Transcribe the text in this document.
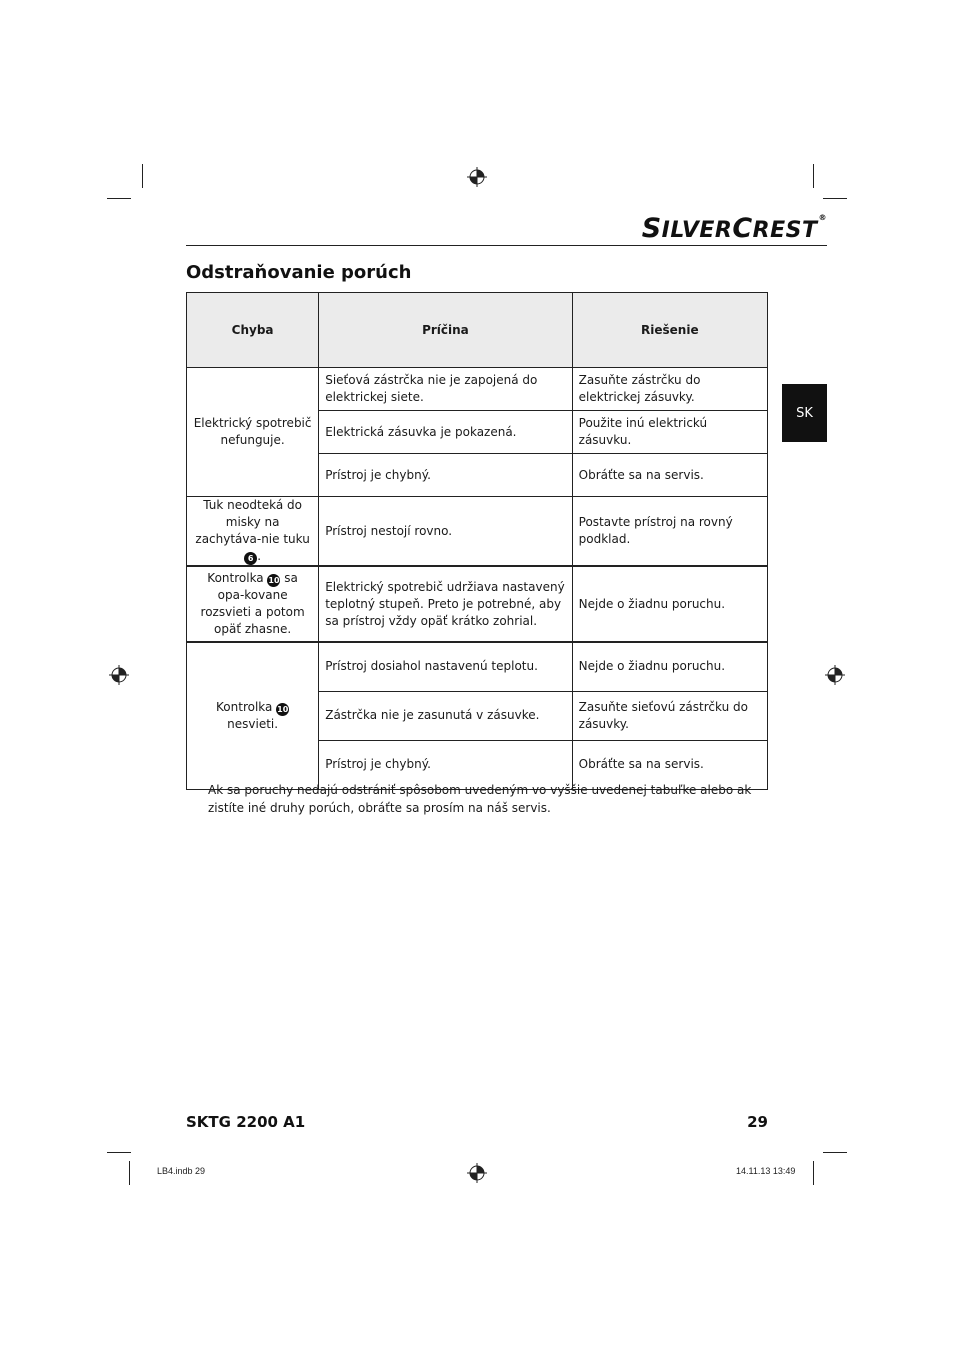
SILVERCREST®
Odstraňovanie porúch
SK
Chyba	Príčina	Riešenie
Elektrický spotrebič nefunguje.	Sieťová zástrčka nie je zapojená do elektrickej siete.	Zasuňte zástrčku do elektrickej zásuvky.
	Elektrická zásuvka je pokazená.	Použite inú elektrickú zásuvku.
	Prístroj je chybný.	Obráťte sa na servis.
Tuk neodteká do misky na zachytáva-nie tuku 6 .	Prístroj nestojí rovno.	Postavte prístroj na rovný podklad.
Kontrolka 10 sa opa-kovane rozsvieti a potom opäť zhasne.	Elektrický spotrebič udržiava nastavený teplotný stupeň. Preto je potrebné, aby sa prístroj vždy opäť krátko zohrial.	Nejde o žiadnu poruchu.
Kontrolka 10 nesvieti.	Prístroj dosiahol nastavenú teplotu.	Nejde o žiadnu poruchu.
	Zástrčka nie je zasunutá v zásuvke.	Zasuňte sieťovú zástrčku do zásuvky.
	Prístroj je chybný.	Obráťte sa na servis.
Ak sa poruchy nedajú odstrániť spôsobom uvedeným vo vyššie uvedenej tabuľke alebo ak zistíte iné druhy porúch, obráťte sa prosím na náš servis.
SKTG 2200 A1	29
LB4.indb 29	14.11.13 13:49
